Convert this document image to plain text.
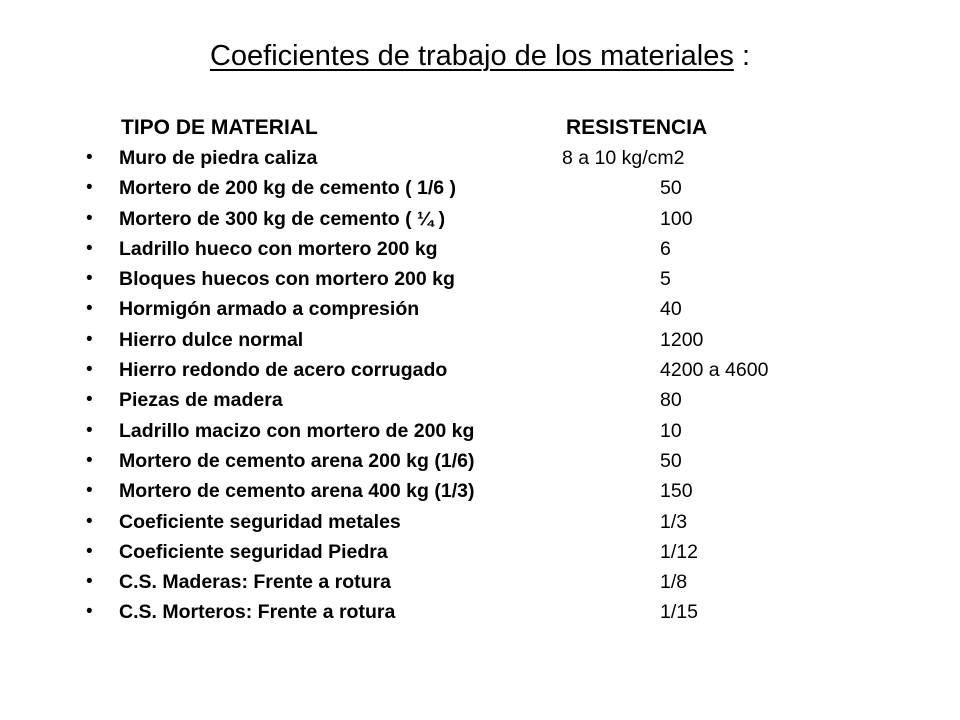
Coeficientes de trabajo de los materiales :
TIPO DE MATERIAL	RESISTENCIA
• Muro de piedra caliza	8 a 10 kg/cm2
• Mortero de 200 kg de cemento ( 1/6 )	50
• Mortero de 300 kg de cemento ( ¼ )	100
• Ladrillo hueco con mortero 200 kg	6
• Bloques huecos con mortero 200 kg	5
• Hormigón armado a compresión	40
• Hierro dulce normal	1200
• Hierro redondo de acero corrugado	4200 a 4600
• Piezas de madera	80
• Ladrillo macizo con mortero de 200 kg	10
• Mortero de cemento arena 200 kg (1/6)	50
• Mortero de cemento arena 400 kg (1/3)	150
• Coeficiente seguridad metales	1/3
• Coeficiente seguridad Piedra	1/12
• C.S. Maderas: Frente a rotura	1/8
• C.S. Morteros: Frente a rotura	1/15
